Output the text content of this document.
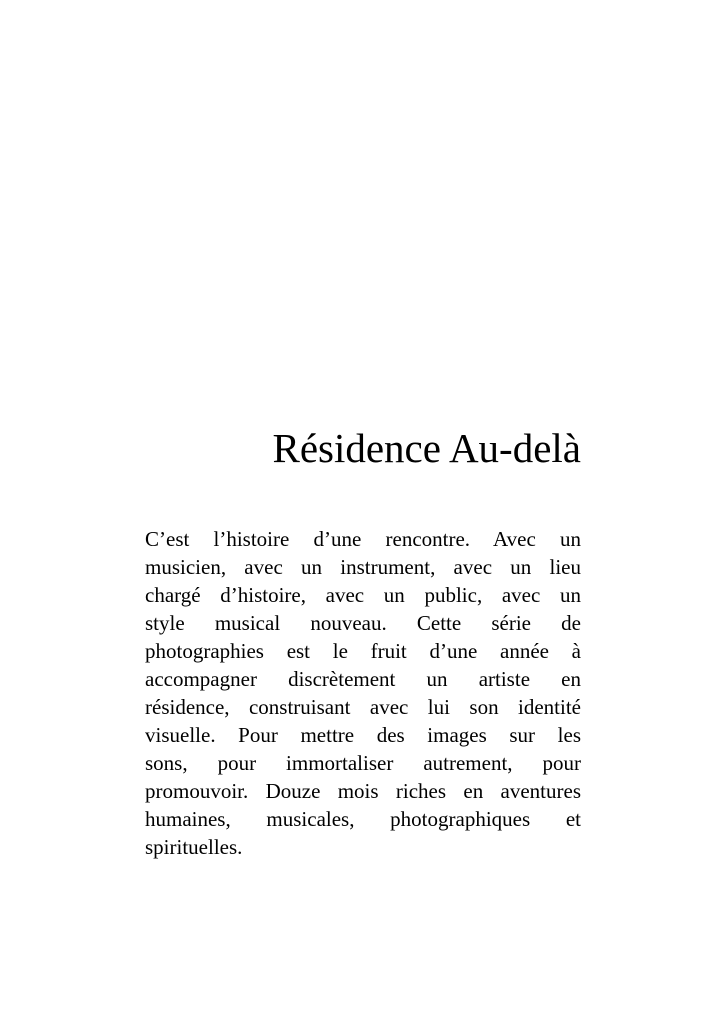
Résidence Au-delà
C’est l’histoire d’une rencontre. Avec un
musicien, avec un instrument, avec un lieu
chargé d’histoire, avec un public, avec un
style musical nouveau. Cette série de
photographies est le fruit d’une année à
accompagner discrètement un artiste en
résidence, construisant avec lui son identité
visuelle. Pour mettre des images sur les
sons, pour immortaliser autrement, pour
promouvoir. Douze mois riches en aventures
humaines, musicales, photographiques et
spirituelles.
